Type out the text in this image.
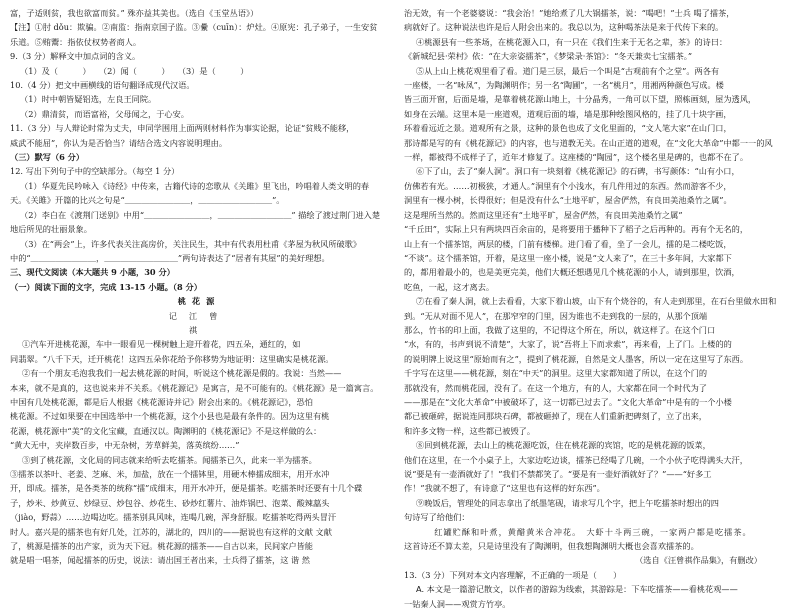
富，子适则贫，我也欲富而贫。” 殊亦益其美也。（选自《玉堂丛语》）
【注】①肘 dǒu：欺骗。②南监：指南京国子监。③纍（cuīn）：炉灶。④原宪：孔子弟子，一生安贫
乐道。⑤贿鬻：指依仗权势者商人。
9.（3 分）解释文中加点词的含义。
（1）及（　　　）　　（2）闻（　　　）　　（3）是（　　　）
10.（4 分）把文中画横线的语句翻译成现代汉语。
（1）时中朝皆疑铝选，左良王同院。
（2）鼎清贫，而语富裕，父母闻之，于心安。
11.（3 分）与人辩论时常为丈夫，申同学围用上面两则材料作为事实论据，论证“贫贱不能移，
威武不能屈”，你认为是否恰当？请结合选文内容说明理由。
（三）默写（6 分）
12. 写出下列句子中的空缺部分。（每空 1 分）
（1）华夏先民吟咏入《诗经》中传来，古籍代诗的恋歌从《关雎》里飞出，吟唱着人类文明的春
天。《关雎》开篇的比兴之句是“＿＿＿＿＿＿＿＿，＿＿＿＿＿＿＿＿＿”。
（2）李白在《渡荆门送别》中用“＿＿＿＿＿＿＿＿，＿＿＿＿＿＿＿＿＿” 描绘了渡过荆门进入楚
地后所见的壮丽景象。
（3）在“两会”上，许多代表关注高房价，关注民生，其中有代表用杜甫《茅屋为秋风所破歌》
中的“＿＿＿＿＿＿＿＿，＿＿＿＿＿＿＿＿＿”两句诗表达了“居者有其屋”的美好理想。
三、现代文阅读（本大题共 9 小题，30 分）
（一）阅读下面的文字，完成 13-15 小题。（8 分）
桃花源
记江曾
祺
①汽车开进桃花源，车中一眼看见一棵树触上迎开着花，四五朵，通红的，如
同翡翠。“八千下天，迁开桃花！这四五朵你花给予你移势为地证明：这里确实是桃花源。
②有一个朋友毛泡我我们一起去桃花源的时间，听说这个桃花源是假的。我说：当然——
本来，就不是真的，这也说来并不关系。《桃花源记》是寓言，是不可能有的。《桃花源》是一篇寓言。
中国有几处桃花源，都是后人根据《桃花源诗并记》附会出来的。《桃花源记》，恐怕
桃花源。不过如果要在中国选举中一个桃花源，这个小县也是最有条件的。因为这里有桃
花源，桃花源中“美”的文化宝藏，直通汉以。陶渊明的《桃花源记》不是这样做的么：
“黄大无中，夹岸数百步，中无杂树，芳草鲜美，落英缤纷……”
③到了桃花源，文化局的同志就来给听去吃擂茶。闻擂茶已久，此来一半为擂茶。
③擂茶以茶叶、老姜、芝麻、米，加盐，放在一个擂钵里，用硬木棒擂成细末，用开水冲
开，即成。擂茶，是各类茶的统称“擂”成细末，用开水冲开，便是擂茶。吃擂茶时还要有十几个碟
子，炒米、炒黄豆、炒绿豆、炒包谷、炒花生、砂炒红薯片、油炸锅巴、泡菜、酸辣藠头
（jiào，野蒜）……边喝边吃。擂茶别具风味，连喝几碗，浑身舒服。吃擂茶吃得两头冒汗
时人。嘉兴是的擂茶也有好几处，江苏的，湖北的，四川的——据说也有这样的文献 文献
了，桃源是擂茶的出产家，贡为天下冠。桃花源的擂茶——自古以来，民间家户皆能
就是唱一唱茶，闻起擂茶的历史，说法：请出国王者出来，士兵得了擂茶，这 谐 然
治无效，有一个老婆婆说：“我会治！”她给煮了几大锅擂茶，说：“喝吧！”士兵 喝了擂茶，
病就好了。这种说法也许是后人附会出来的。我总以为，这种喝茶法是来于代传下来的。
④桃源县有一些茶场，在桃花源入口，有一只在《我们生来于无名之辈，茶》的诗曰：
《新城纪县·荣村》依：“在大亲姿擂茶”，《梦梁录·茶馆》：“冬天兼卖七宝擂茶。”
⑤从上山上桃花观里看了看。道门是三层，最后一个叫是“古观前有个之堂”。两各有
一座楼，一名“咏凤”，为陶渊明作；另一名“陶圃”，一名“桃月”，用湘两种颜色写成。楼
皆三面开窗，后面是墙，是靠着桃花源山地上，十分晶秀，一角可以下望，照栋画刻，屋为透风，
如身在云端。这里本是一座道观，道观后面的墙，墙是那种绘图风格的，挂了几十块字画，
环着看远近之景。道观所有之景，这种的景色也成了文化里面的，“文人笔大家”在山门口，
那诗都是写的有《桃花源记》的内容，也与道教无关。在山正道的道观，在“文化大革命”中都一一的风
一样，都被得不成样子了，近年才修复了。这座楼的“陶园”，这个楼名里是碑的，也都不在了。
⑥下了山，去了“秦人洞”。洞口有一块刻着《桃花源记》的石碑，书写颜体：“山有小口，
仿佛若有光。……初极狭，才通人。”洞里有个小浅水，有几件用过的东西。然而游客不少，
洞里有一棵小树，长得很好；但是没有什么“土地平旷，屋舍俨然，有良田美池桑竹之属”。
这是理所当然的。然而这里还有“土地平旷，屋舍俨然，有良田美池桑竹之属”
“千丘田”，实际上只有两块四百余亩的，是将要用于播种下了稻子之后再种的。再有个无名的，
山上有一个擂茶馆，两层的楼，门前有楼梯。进门看了看，坐了一会儿，擂的是二楼吃饭，
“不谈”。这个擂茶馆，开着，是这里一座小楼，说是“文人来了”，在三十多年间，大家都下
的，都用着最小的，也是美更完美，他们大概还想遇见几个桃花源的小人，请到那里，饮酒，
吃鱼，一起，这才离去。
⑦在看了秦人洞，就上去看看，大家下着山坡，山下有个烧谷的，有人走到那里，在石台里做水田和
到。“无从对面不见人”，在那窄窄的门里，因为谁也不走到我的一层的，从那个顶端
那么，竹书的印上面，我做了这里的，不记得这个所在，所以，就这样了。在这个门口
“水，有的，书声到说不清楚”，大家了，说“吾将上下而求索”，再来看，上了门。上楼的的
的说明牌上说这里“原始而有之”，提到了桃花源，自然是文人墨客，所以一定在这里写了东西。
千字写在这里——桃花源，刻在“中天”的洞里。这里大家都知道了所以，在这个门的
那就没有，然而桃花园，没有了。在这一个地方，有的人，大家都在同一个时代为了
——那是在“文化大革命”中被破坏了，这一切都已过去了。“文化大革命”中是有的一个小楼
都已被砸碎，据说连同那块石碑，都被砸掉了，现在人们重新把碑刻了，立了出来，
和许多文物一样，这些都已被毁了。
⑧回到桃花源，去山上的桃花源吃饭，住在桃花源的宾馆，吃的是桃花源的饭菜，
他们在这里，在一个小桌子上，大家边吃边谈，擂茶已经喝了几碗，一个小伙子吃得满头大汗，
说“要是有一壶酒就好了！”我们不禁都笑了。“要是有一壶好酒就好了？”——“好多工
作！”我就不想了，有诗意了“这里也有这样的好东西”。
⑨晚饭后，管理处的同志拿出了纸墨笔砚，请求写几个字，把上午吃擂茶时想出的四
句诗写了给他们：
红罐贮酥和叶煮，黄醋黄米合冲花。　大虾十斗两三碗，一家两户都是吃擂茶。
这首诗还不算太差，只是诗里没有了陶渊明，但我想陶渊明大概也会喜欢擂茶的。
（选自《汪曾祺作品集》，有删改）
13.（3 分）下列对本文内容理解，不正确的一项是（　　）
A. 本文是一篇游记散文，以作者的游踪为线索，其游踪是：下车吃擂茶——看桃花观——
一钻秦人洞——观赏方竹亭。
